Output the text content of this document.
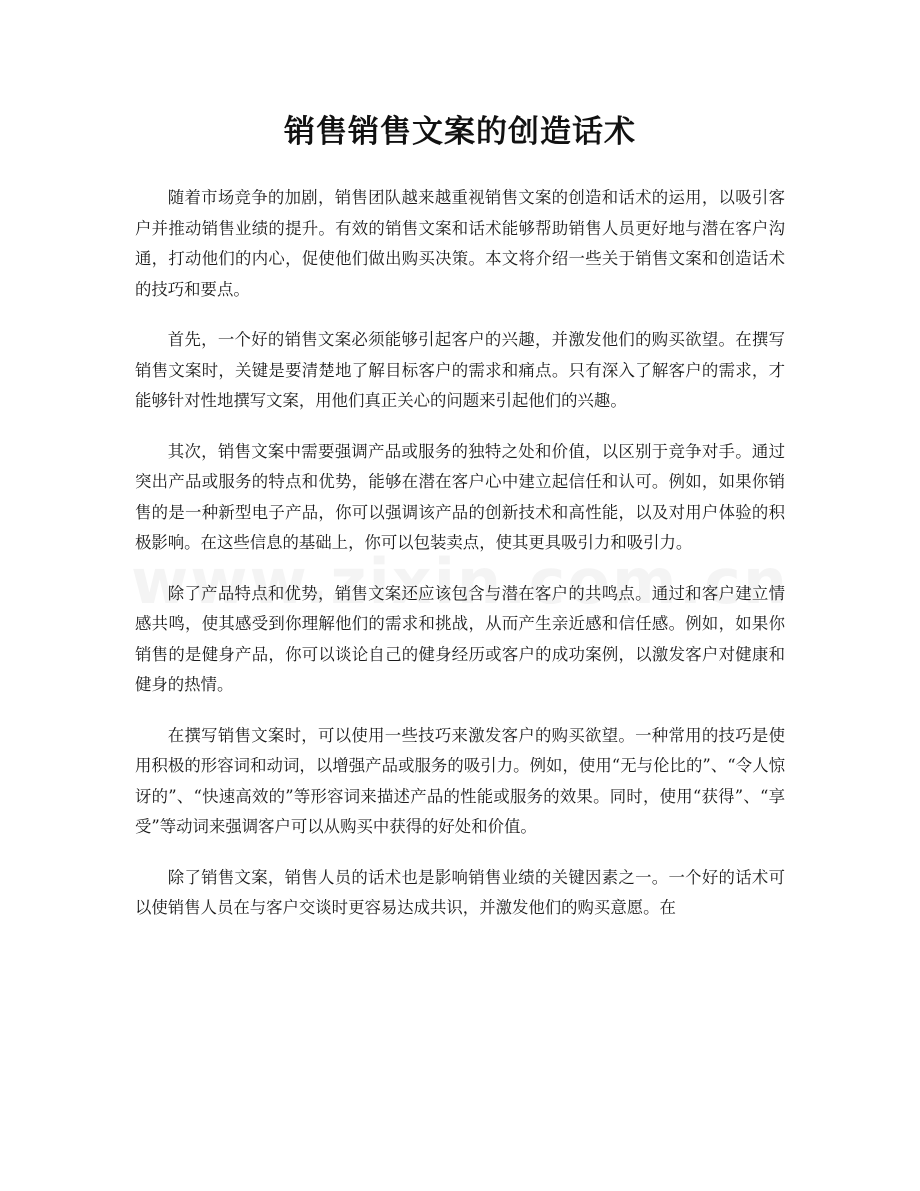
销售销售文案的创造话术

随着市场竞争的加剧，销售团队越来越重视销售文案的创造和话术的运用，以吸引客户并推动销售业绩的提升。有效的销售文案和话术能够帮助销售人员更好地与潜在客户沟通，打动他们的内心，促使他们做出购买决策。本文将介绍一些关于销售文案和创造话术的技巧和要点。

首先，一个好的销售文案必须能够引起客户的兴趣，并激发他们的购买欲望。在撰写销售文案时，关键是要清楚地了解目标客户的需求和痛点。只有深入了解客户的需求，才能够针对性地撰写文案，用他们真正关心的问题来引起他们的兴趣。

其次，销售文案中需要强调产品或服务的独特之处和价值，以区别于竞争对手。通过突出产品或服务的特点和优势，能够在潜在客户心中建立起信任和认可。例如，如果你销售的是一种新型电子产品，你可以强调该产品的创新技术和高性能，以及对用户体验的积极影响。在这些信息的基础上，你可以包装卖点，使其更具吸引力和吸引力。

除了产品特点和优势，销售文案还应该包含与潜在客户的共鸣点。通过和客户建立情感共鸣，使其感受到你理解他们的需求和挑战，从而产生亲近感和信任感。例如，如果你销售的是健身产品，你可以谈论自己的健身经历或客户的成功案例，以激发客户对健康和健身的热情。

在撰写销售文案时，可以使用一些技巧来激发客户的购买欲望。一种常用的技巧是使用积极的形容词和动词，以增强产品或服务的吸引力。例如，使用“无与伦比的”、“令人惊讶的”、“快速高效的”等形容词来描述产品的性能或服务的效果。同时，使用“获得”、“享受”等动词来强调客户可以从购买中获得的好处和价值。

除了销售文案，销售人员的话术也是影响销售业绩的关键因素之一。一个好的话术可以使销售人员在与客户交谈时更容易达成共识，并激发他们的购买意愿。在
